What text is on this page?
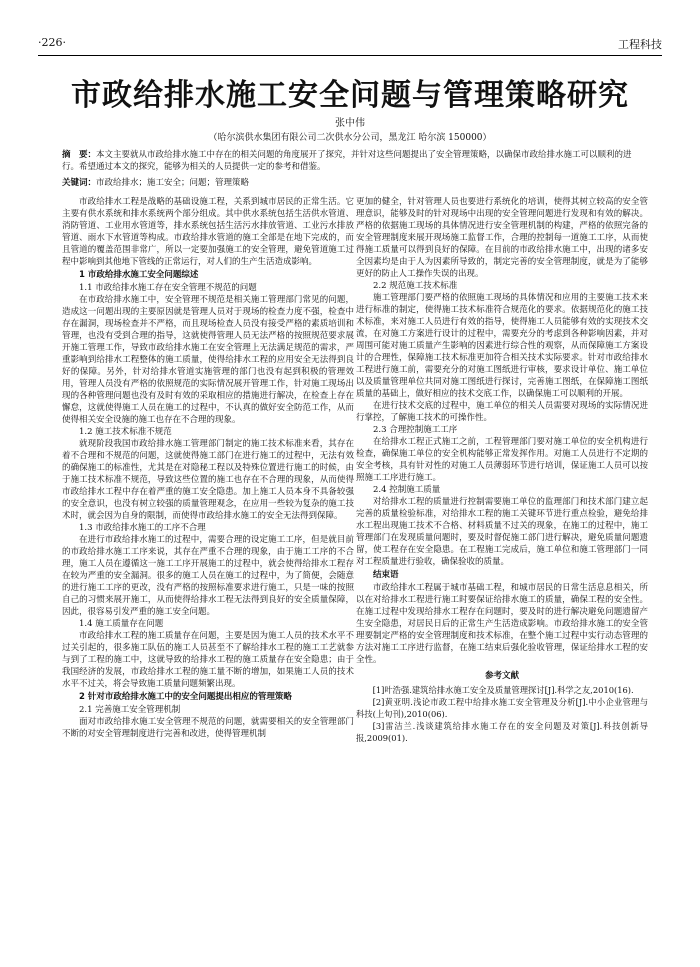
·226·	工程科技
市政给排水施工安全问题与管理策略研究
张中伟
（哈尔滨供水集团有限公司二次供水分公司，黑龙江 哈尔滨 150000）
摘　要：本文主要就从市政给排水施工中存在的相关问题的角度展开了探究，并针对这些问题提出了安全管理策略，以确保市政给排水施工可以顺利的进行。希望通过本文的探究，能够为相关的人员提供一定的参考和借鉴。
关键词：市政给排水；施工安全；问题；管理策略

市政给排水工程是战略的基础设施工程，关系到城市居民的正常生活。它主要有供水系统和排水系统两个部分组成。其中供水系统包括生活供水管道、消防管道、工业用水管道等，排水系统包括生活污水排放管道、工业污水排放管道、雨水下水管道等构成。市政给排水管道的施工全部是在地下完成的，而且管道的覆盖范围非常广，所以一定要加强施工的安全管理，避免管道施工过程中影响到其他地下管线的正常运行，对人们的生产生活造成影响。

1 市政给排水施工安全问题综述
1.1 市政给排水施工存在安全管理不规范的问题

在市政给排水施工中，安全管理不规范是相关施工管理部门常见的问题，造成这一问题出现的主要原因就是管理人员对于现场的检查力度不强，检查中存在漏洞，现场检查并不严格，而且现场检查人员没有接受严格的素质培训和管理，也没有受到合理的指导，这就使得管理人员无法严格的按照规范要求展开施工管理工作，导致市政给排水施工在安全管理上无法满足规范的需求，严重影响到给排水工程整体的施工质量，使得给排水工程的应用安全无法得到良好的保障。另外，针对给排水管道实施管理的部门也没有起到积极的管理效用，管理人员没有严格的依照规范的实际情况展开管理工作，针对施工现场出现的各种管理问题也没有及时有效的采取相应的措施进行解决，在检查上存在懈怠，这就使得施工人员在施工的过程中，不认真的做好安全防范工作，从而使得相关安全设施的施工也存在不合理的现象。

1.2 施工技术标准不规范

就现阶段我国市政给排水施工管理部门制定的施工技术标准来看，其存在着不合理和不规范的问题，这就使得施工部门在进行施工的过程中，无法有效的确保施工的标准性，尤其是在对隐秘工程以及特殊位置进行施工的时候，由于施工技术标准不规范，导致这些位置的施工也存在不合理的现象，从而使得市政给排水工程中存在着严重的施工安全隐患。加上施工人员本身不具备较强的安全意识，也没有树立较强的质量管理观念，在应用一些较为复杂的施工技术时，就会因为自身的限制，而使得市政给排水施工的安全无法得到保障。

1.3 市政给排水施工的工序不合理

在进行市政给排水施工的过程中，需要合理的设定施工工序，但是就目前的市政给排水施工工序来说，其存在严重不合理的现象，由于施工工序的不合理，施工人员在遵循这一施工工序开展施工的过程中，就会使得给排水工程存在较为严重的安全漏洞。很多的施工人员在施工的过程中，为了简便，会随意的进行施工工序的更改，没有严格的按照标准要求进行施工，只是一味的按照自己的习惯来展开施工，从而使得给排水工程无法得到良好的安全质量保障，因此，很容易引发严重的施工安全问题。

1.4 施工质量存在问题

市政给排水工程的施工质量存在问题，主要是因为施工人员的技术水平不过关引起的，很多施工队伍的施工人员甚至不了解给排水工程的施工工艺就参与到了工程的施工中，这就导致的给排水工程的施工质量存在安全隐患；由于我国经济的发展，市政给排水工程的施工量不断的增加，如果施工人员的技术水平不过关，将会导致施工质量问题频繁出现。

2 针对市政给排水施工中的安全问题提出相应的管理策略
2.1 完善施工安全管理机制

面对市政给排水施工安全管理不规范的问题，就需要相关的安全管理部门不断的对安全管理制度进行完善和改进，使得管理机制

更加的健全，针对管理人员也要进行系统化的培训，使得其树立较高的安全管理意识，能够及时的针对现场中出现的安全管理问题进行发现和有效的解决。严格的依据施工现场的具体情况进行安全管理机制的构建，严格的依照完备的安全管理制度来展开现场施工监督工作，合理的控制每一道施工工序，从而使得施工质量可以得到良好的保障。在目前的市政给排水施工中，出现的诸多安全因素均是由于人为因素所导致的，制定完善的安全管理制度，就是为了能够更好的防止人工操作失误的出现。

2.2 规范施工技术标准

施工管理部门要严格的依照施工现场的具体情况和应用的主要施工技术来进行标准的制定，使得施工技术标准符合规范化的要求。依据规范化的施工技术标准，来对施工人员进行有效的指导，使得施工人员能够有效的实现技术交流，在对施工方案进行设计的过程中，需要充分的考虑到各种影响因素，并对周围可能对施工质量产生影响的因素进行综合性的观察，从而保障施工方案设计的合理性，保障施工技术标准更加符合相关技术实际要求。针对市政给排水工程进行施工前，需要充分的对施工图纸进行审核，要求设计单位、施工单位以及质量管理单位共同对施工图纸进行探讨，完善施工图纸，在保障施工图纸质量的基础上，做好相应的技术交底工作，以确保施工可以顺利的开展。

在进行技术交底的过程中，施工单位的相关人员需要对现场的实际情况进行掌控，了解施工技术的可操作性。

2.3 合理控制施工工序

在给排水工程正式施工之前，工程管理部门要对施工单位的安全机构进行检查，确保施工单位的安全机构能够正常发挥作用。对施工人员进行不定期的安全考核，具有针对性的对施工人员薄弱环节进行培训，保证施工人员可以按照施工工序进行施工。

2.4 控制施工质量

对给排水工程的质量进行控制需要施工单位的监理部门和技术部门建立起完善的质量检验标准，对给排水工程的施工关键环节进行重点检验，避免给排水工程出现施工技术不合格、材料质量不过关的现象，在施工的过程中，施工管理部门在发现质量问题时，要及时督促施工部门进行解决，避免质量问题遗留，使工程存在安全隐患。在工程施工完成后，施工单位和施工管理部门一同对工程质量进行验收，确保验收的质量。

结束语

市政给排水工程属于城市基础工程，和城市居民的日常生活息息相关，所以在对给排水工程进行施工时要保证给排水施工的质量，确保工程的安全性。在施工过程中发现给排水工程存在问题时，要及时的进行解决避免问题遗留产生安全隐患，对居民日后的正常生产生活造成影响。市政给排水施工的安全管理要制定严格的安全管理制度和技术标准，在整个施工过程中实行动态管理的方法对施工工序进行监督，在施工结束后强化验收管理，保证给排水工程的安全性。

参考文献

[1]叶浩强.建筑给排水施工安全及质量管理探讨[J].科学之友,2010(16).

[2]黄亚明.浅论市政工程中给排水施工安全管理及分析[J].中小企业管理与科技(上旬刊),2010(06).

[3]雷洁兰.浅谈建筑给排水施工存在的安全问题及对策[J].科技创新导报,2009(01).
